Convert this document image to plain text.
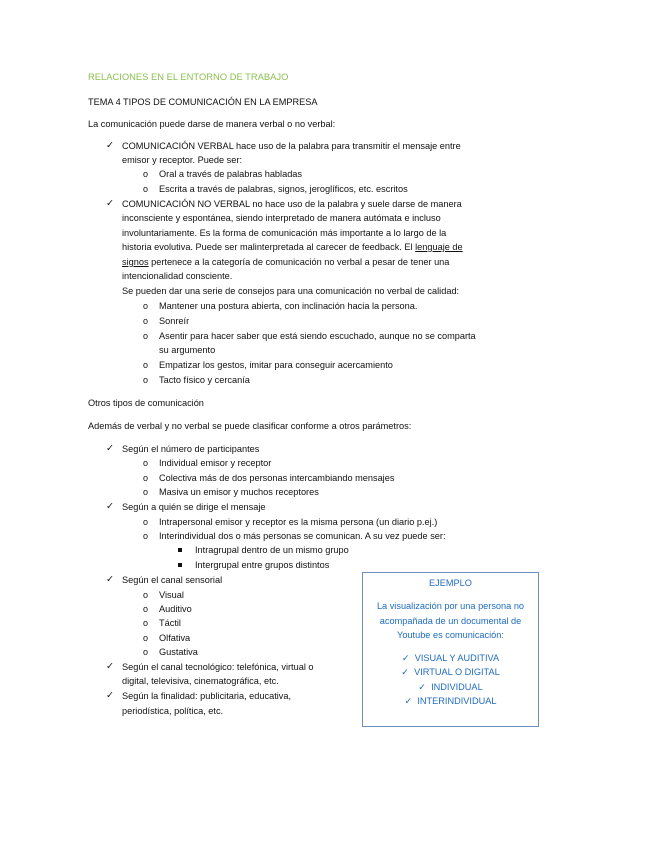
RELACIONES EN EL ENTORNO DE TRABAJO
TEMA 4 TIPOS DE COMUNICACIÓN EN LA EMPRESA
La comunicación puede darse de manera verbal o no verbal:
✓ COMUNICACIÓN VERBAL hace uso de la palabra para transmitir el mensaje entre
emisor y receptor. Puede ser:
o Oral a través de palabras habladas
o Escrita a través de palabras, signos, jeroglíficos, etc. escritos
✓ COMUNICACIÓN NO VERBAL no hace uso de la palabra y suele darse de manera
inconsciente y espontánea, siendo interpretado de manera autómata e incluso
involuntariamente. Es la forma de comunicación más importante a lo largo de la
historia evolutiva. Puede ser malinterpretada al carecer de feedback. El lenguaje de
signos pertenece a la categoría de comunicación no verbal a pesar de tener una
intencionalidad consciente.
Se pueden dar una serie de consejos para una comunicación no verbal de calidad:
o Mantener una postura abierta, con inclinación hacia la persona.
o Sonreír
o Asentir para hacer saber que está siendo escuchado, aunque no se comparta
su argumento
o Empatizar los gestos, imitar para conseguir acercamiento
o Tacto físico y cercanía
Otros tipos de comunicación
Además de verbal y no verbal se puede clasificar conforme a otros parámetros:
✓ Según el número de participantes
o Individual emisor y receptor
o Colectiva más de dos personas intercambiando mensajes
o Masiva un emisor y muchos receptores
✓ Según a quién se dirige el mensaje
o Intrapersonal emisor y receptor es la misma persona (un diario p.ej.)
o Interindividual dos o más personas se comunican. A su vez puede ser:
Intragrupal dentro de un mismo grupo
Intergrupal entre grupos distintos
✓ Según el canal sensorial
o Visual
o Auditivo
o Táctil
o Olfativa
o Gustativa
✓ Según el canal tecnológico: telefónica, virtual o
digital, televisiva, cinematográfica, etc.
✓ Según la finalidad: publicitaria, educativa,
periodística, política, etc.
EJEMPLO
La visualización por una persona no
acompañada de un documental de
Youtube es comunicación:
✓ VISUAL Y AUDITIVA
✓ VIRTUAL O DIGITAL
✓ INDIVIDUAL
✓ INTERINDIVIDUAL
